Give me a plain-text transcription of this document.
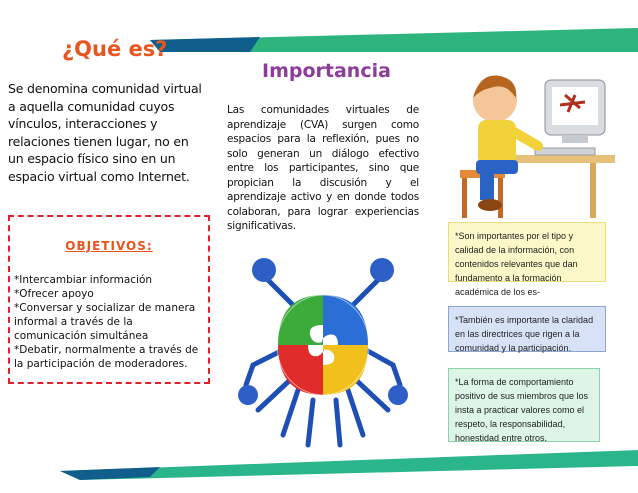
¿Qué es?
Se denomina comunidad virtual a aquella comunidad cuyos vínculos, interacciones y relaciones tienen lugar, no en un espacio físico sino en un espacio virtual como Internet.
OBJETIVOS:
*Intercambiar información
*Ofrecer apoyo
*Conversar y socializar de manera informal a través de la comunicación simultánea
*Debatir, normalmente a través de la participación de moderadores.
Importancia
Las comunidades virtuales de aprendizaje (CVA) surgen como espacios para la reflexión, pues no solo generan un diálogo efectivo entre los participantes, sino que propician la discusión y el aprendizaje activo y en donde todos colaboran, para lograr experiencias significativas.
*Son importantes por el tipo y calidad de la información, con contenidos relevantes que dan fundamento a la formación académica de los es-
*También es importante la claridad en las directrices que rigen a la comunidad y la participación.
*La forma de comportamiento positivo de sus miembros que los insta a practicar valores como el respeto, la responsabilidad, honestidad entre otros.
